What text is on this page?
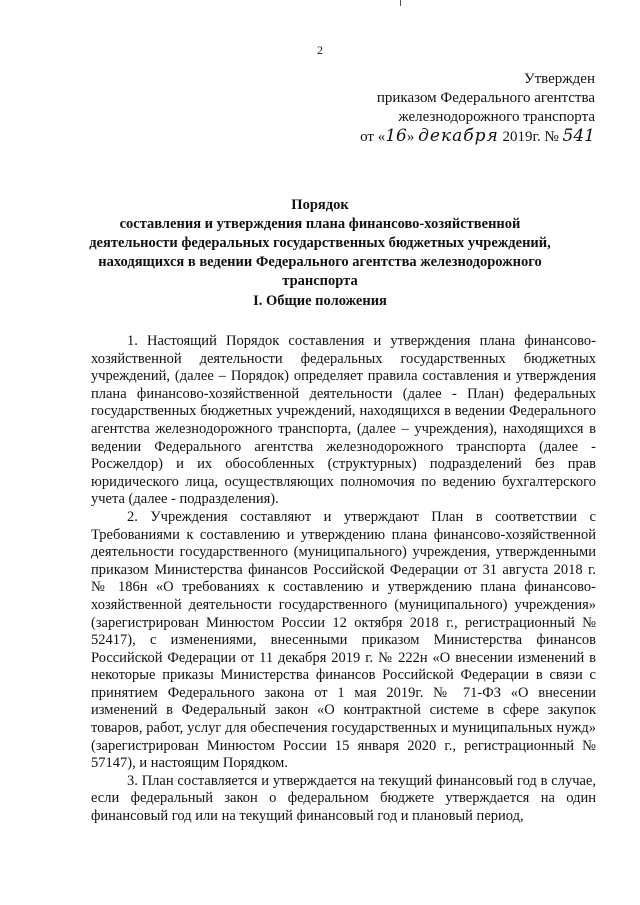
2
Утвержден
приказом Федерального агентства
железнодорожного транспорта
от «16» декабря 2019г. № 541
Порядок
составления и утверждения плана финансово-хозяйственной
деятельности федеральных государственных бюджетных учреждений,
находящихся в ведении Федерального агентства железнодорожного
транспорта
I. Общие положения

1. Настоящий Порядок составления и утверждения плана финансово-хозяйственной деятельности федеральных государственных бюджетных учреждений, (далее – Порядок) определяет правила составления и утверждения плана финансово-хозяйственной деятельности (далее - План) федеральных государственных бюджетных учреждений, находящихся в ведении Федерального агентства железнодорожного транспорта, (далее – учреждения), находящихся в ведении Федерального агентства железнодорожного транспорта (далее - Росжелдор) и их обособленных (структурных) подразделений без прав юридического лица, осуществляющих полномочия по ведению бухгалтерского учета (далее - подразделения).

2. Учреждения составляют и утверждают План в соответствии с Требованиями к составлению и утверждению плана финансово-хозяйственной деятельности государственного (муниципального) учреждения, утвержденными приказом Министерства финансов Российской Федерации от 31 августа 2018 г. № 186н «О требованиях к составлению и утверждению плана финансово-хозяйственной деятельности государственного (муниципального) учреждения» (зарегистрирован Минюстом России 12 октября 2018 г., регистрационный № 52417), с изменениями, внесенными приказом Министерства финансов Российской Федерации от 11 декабря 2019 г. № 222н «О внесении изменений в некоторые приказы Министерства финансов Российской Федерации в связи с принятием Федерального закона от 1 мая 2019г. № 71-ФЗ «О внесении изменений в Федеральный закон «О контрактной системе в сфере закупок товаров, работ, услуг для обеспечения государственных и муниципальных нужд» (зарегистрирован Минюстом России 15 января 2020 г., регистрационный № 57147), и настоящим Порядком.

3. План составляется и утверждается на текущий финансовый год в случае, если федеральный закон о федеральном бюджете утверждается на один финансовый год или на текущий финансовый год и плановый период,
